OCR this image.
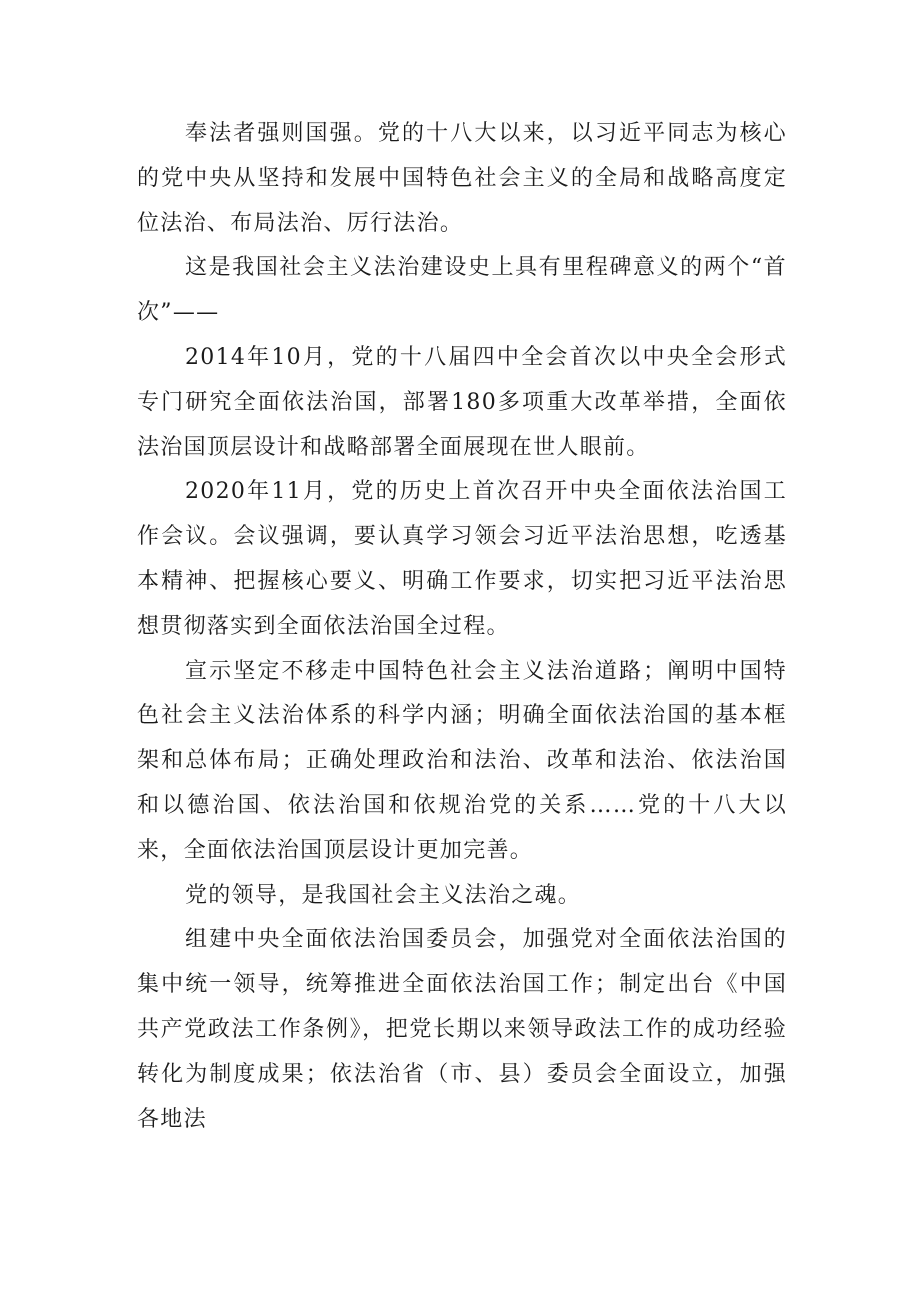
奉法者强则国强。党的十八大以来，以习近平同志为核心的党中央从坚持和发展中国特色社会主义的全局和战略高度定位法治、布局法治、厉行法治。

这是我国社会主义法治建设史上具有里程碑意义的两个“首次”——

2014年10月，党的十八届四中全会首次以中央全会形式专门研究全面依法治国，部署180多项重大改革举措，全面依法治国顶层设计和战略部署全面展现在世人眼前。

2020年11月，党的历史上首次召开中央全面依法治国工作会议。会议强调，要认真学习领会习近平法治思想，吃透基本精神、把握核心要义、明确工作要求，切实把习近平法治思想贯彻落实到全面依法治国全过程。

宣示坚定不移走中国特色社会主义法治道路；阐明中国特色社会主义法治体系的科学内涵；明确全面依法治国的基本框架和总体布局；正确处理政治和法治、改革和法治、依法治国和以德治国、依法治国和依规治党的关系……党的十八大以来，全面依法治国顶层设计更加完善。

党的领导，是我国社会主义法治之魂。

组建中央全面依法治国委员会，加强党对全面依法治国的集中统一领导，统筹推进全面依法治国工作；制定出台《中国共产党政法工作条例》，把党长期以来领导政法工作的成功经验转化为制度成果；依法治省（市、县）委员会全面设立，加强各地法
